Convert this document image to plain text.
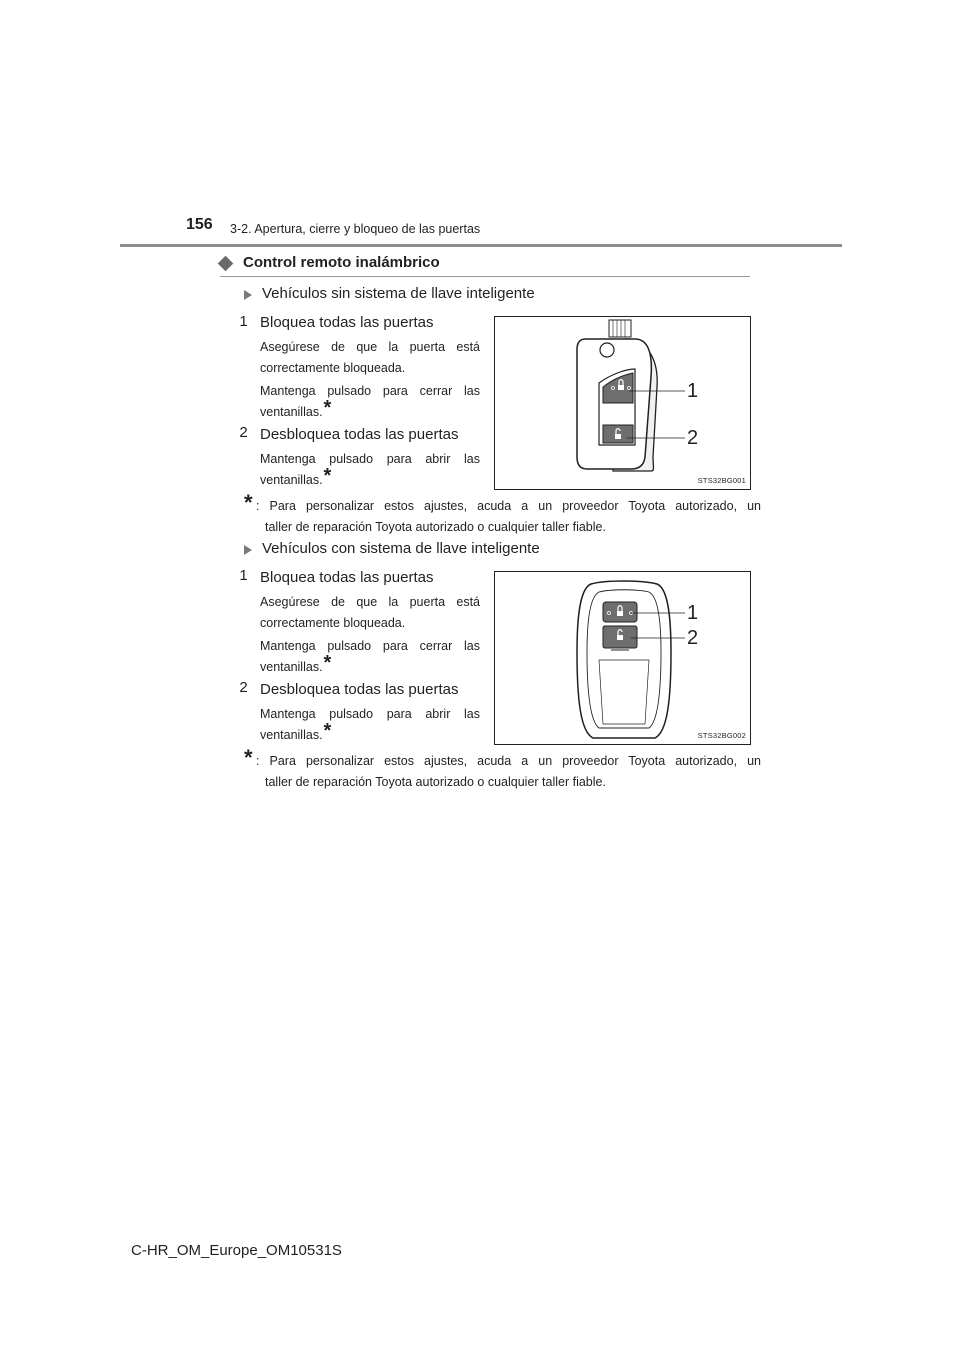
156 3-2. Apertura, cierre y bloqueo de las puertas
Control remoto inalámbrico
Vehículos sin sistema de llave inteligente
1 Bloquea todas las puertas
Asegúrese de que la puerta está
correctamente bloqueada.
Mantenga pulsado para cerrar las
ventanillas.*
2 Desbloquea todas las puertas
Mantenga pulsado para abrir las
ventanillas.*
1
2
STS32BG001
* : Para personalizar estos ajustes, acuda a un proveedor Toyota autorizado, un
taller de reparación Toyota autorizado o cualquier taller fiable.
Vehículos con sistema de llave inteligente
1 Bloquea todas las puertas
Asegúrese de que la puerta está
correctamente bloqueada.
Mantenga pulsado para cerrar las
ventanillas.*
2 Desbloquea todas las puertas
Mantenga pulsado para abrir las
ventanillas.*
1
2
STS32BG002
* : Para personalizar estos ajustes, acuda a un proveedor Toyota autorizado, un
taller de reparación Toyota autorizado o cualquier taller fiable.
C-HR_OM_Europe_OM10531S
